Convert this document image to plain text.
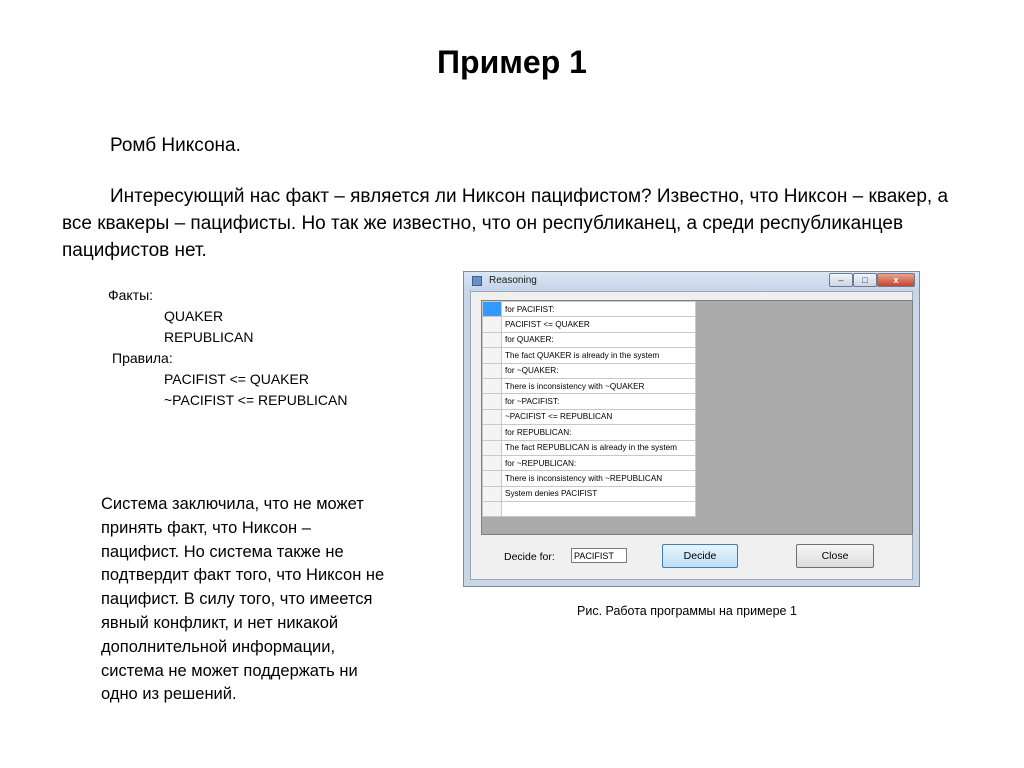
Пример 1
Ромб Никсона.
Интересующий нас факт – является ли Никсон пацифистом? Известно, что Никсон – квакер, а все квакеры – пацифисты. Но так же известно, что он республиканец, а среди республиканцев пацифистов нет.
Факты:
QUAKER
REPUBLICAN
Правила:
PACIFIST <= QUAKER
~PACIFIST <= REPUBLICAN
Система заключила, что не может принять факт, что Никсон – пацифист. Но система также не подтвердит факт того, что Никсон не пацифист. В силу того, что имеется явный конфликт, и нет никакой дополнительной информации, система не может поддержать ни одно из решений.
Reasoning	–	□	x
	for PACIFIST:
	PACIFIST <= QUAKER
	for QUAKER:
	The fact QUAKER is already in the system
	for ~QUAKER:
	There is inconsistency with ~QUAKER
	for ~PACIFIST:
	~PACIFIST <= REPUBLICAN
	for REPUBLICAN:
	The fact REPUBLICAN is already in the system
	for ~REPUBLICAN:
	There is inconsistency with ~REPUBLICAN
	System denies PACIFIST

Decide for:
PACIFIST	Decide	Close
Рис. Работа программы на примере 1
